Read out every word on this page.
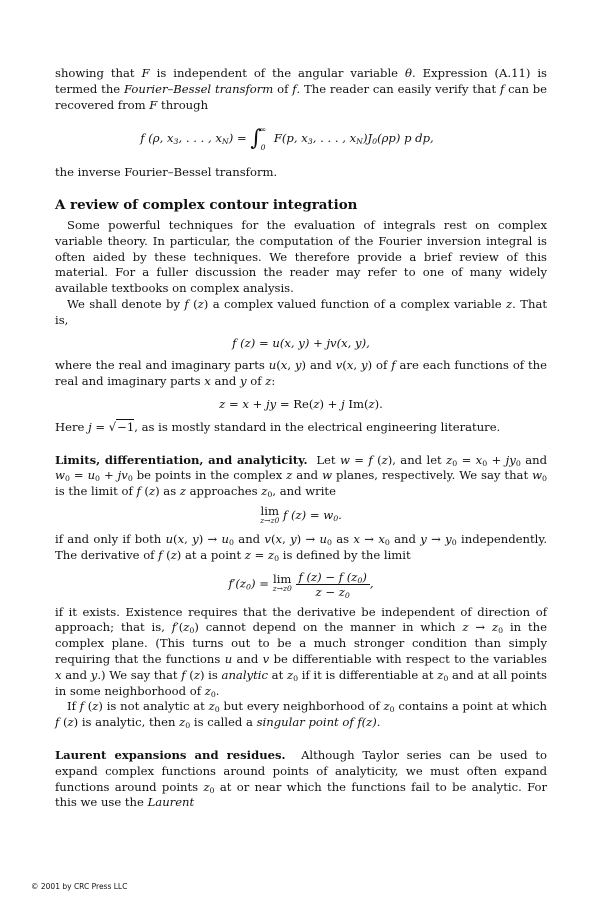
showing that F is independent of the angular variable θ. Expression (A.11) is termed the Fourier–Bessel transform of f. The reader can easily verify that f can be recovered from F through

f (ρ, $x_3$, . . . , $x_N$) = ∫
∞
0
F(p, $x_3$, . . . , $x_N)J_0(\rho p)$ p dp,

the inverse Fourier–Bessel transform.

A review of complex contour integration

Some powerful techniques for the evaluation of integrals rest on complex variable theory. In particular, the computation of the Fourier inversion integral is often aided by these techniques. We therefore provide a brief review of this material. For a fuller discussion the reader may refer to one of many widely available textbooks on complex analysis.

We shall denote by f (z) a complex valued function of a complex variable z. That is,

f (z) = u(x, y) + jv(x, y),

where the real and imaginary parts u(x, y) and v(x, y) of f are each functions of the real and imaginary parts x and y of z:

z = x + jy = Re(z) + j Im(z).

Here j = √−1, as is mostly standard in the electrical engineering literature.

Limits, differentiation, and analyticity. Let w = f (z), and let $z_0 = x_0 + jy_0$ and $w_0 = u_0 + jv_0$ be points in the complex z and w planes, respectively. We say that $w_0$ is the limit of f (z) as z approaches $z_0$, and write

lim
z→z0 f $(z) = w_0$.

if and only if both u(x, $y) \to u_0$ and v(x, $y) \to u_0$ as $x \to x_0$ and $y \to y_0$ independently. The derivative of f (z) at a point $z = z_0$ is defined by the limit

$f'(z_0) = \lim$
z→z0
$\frac{f (z) - f (z_0)}{z - z_0}$ ,

if it exists. Existence requires that the derivative be independent of direction of approach; that is, $f'(z_0)$ cannot depend on the manner in which $z \to z_0$ in the complex plane. (This turns out to be a much stronger condition than simply requiring that the functions u and v be differentiable with respect to the variables x and y.) We say that f (z) is analytic at $z_0$ if it is differentiable at $z_0$ and at all points in some neighborhood of $z_0$.

If f (z) is not analytic at $z_0$ but every neighborhood of $z_0$ contains a point at which f (z) is analytic, then $z_0$ is called a singular point of f(z).

Laurent expansions and residues. Although Taylor series can be used to expand complex functions around points of analyticity, we must often expand functions around points $z_0$ at or near which the functions fail to be analytic. For this we use the Laurent

© 2001 by CRC Press LLC
